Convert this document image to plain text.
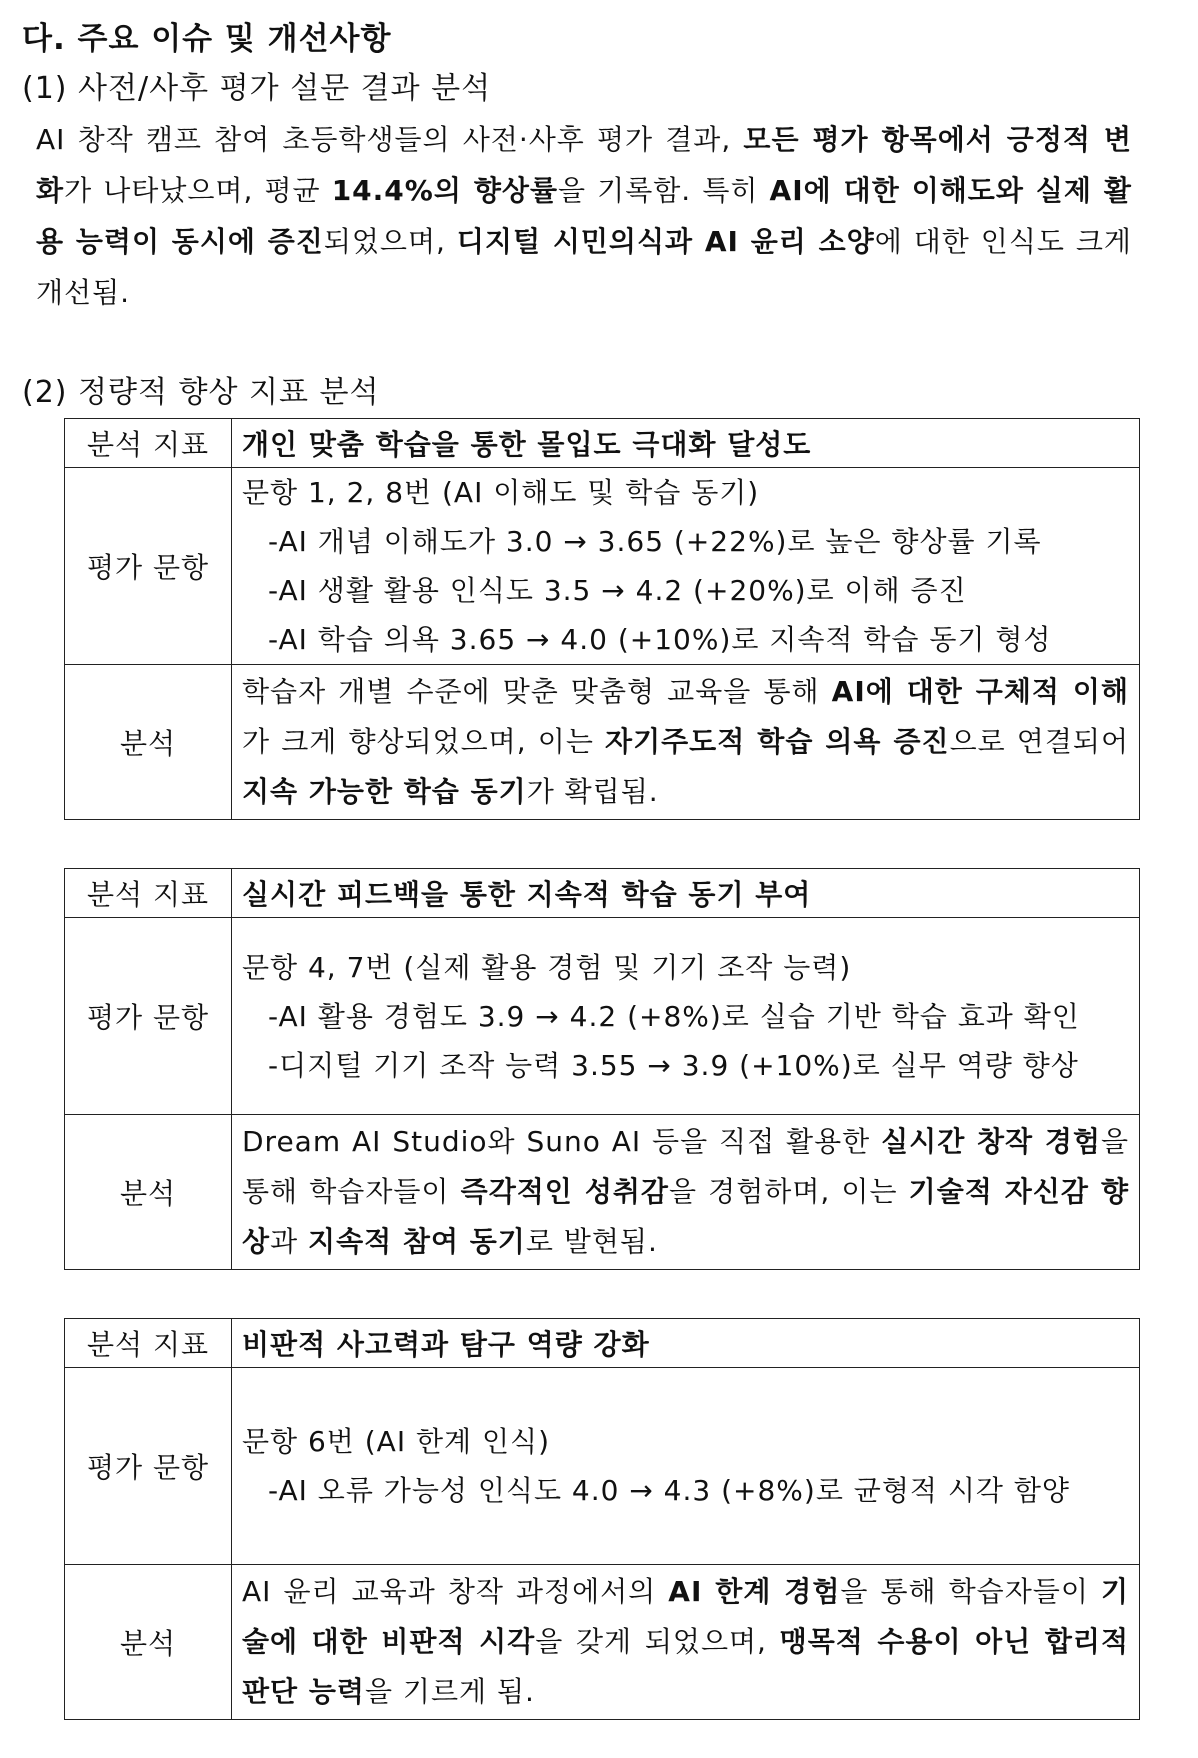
다. 주요 이슈 및 개선사항

(1) 사전/사후 평가 설문 결과 분석

AI 창작 캠프 참여 초등학생들의 사전·사후 평가 결과, 모든 평가 항목에서 긍정적 변화가 나타났으며, 평균 14.4%의 향상률을 기록함. 특히 AI에 대한 이해도와 실제 활용 능력이 동시에 증진되었으며, 디지털 시민의식과 AI 윤리 소양에 대한 인식도 크게 개선됨.

(2) 정량적 향상 지표 분석

분석 지표	개인 맞춤 학습을 통한 몰입도 극대화 달성도
평가 문항	문항 1, 2, 8번 (AI 이해도 및 학습 동기)
-AI 개념 이해도가 3.0 → 3.65 (+22%)로 높은 향상률 기록
-AI 생활 활용 인식도 3.5 → 4.2 (+20%)로 이해 증진
-AI 학습 의욕 3.65 → 4.0 (+10%)로 지속적 학습 동기 형성

분석	학습자 개별 수준에 맞춘 맞춤형 교육을 통해 AI에 대한 구체적 이해가 크게 향상되었으며, 이는 자기주도적 학습 의욕 증진으로 연결되어 지속 가능한 학습 동기가 확립됨.
분석 지표	실시간 피드백을 통한 지속적 학습 동기 부여
평가 문항	문항 4, 7번 (실제 활용 경험 및 기기 조작 능력)
-AI 활용 경험도 3.9 → 4.2 (+8%)로 실습 기반 학습 효과 확인
-디지털 기기 조작 능력 3.55 → 3.9 (+10%)로 실무 역량 향상

분석	Dream AI Studio와 Suno AI 등을 직접 활용한 실시간 창작 경험을 통해 학습자들이 즉각적인 성취감을 경험하며, 이는 기술적 자신감 향상과 지속적 참여 동기로 발현됨.
분석 지표	비판적 사고력과 탐구 역량 강화
평가 문항	문항 6번 (AI 한계 인식)
-AI 오류 가능성 인식도 4.0 → 4.3 (+8%)로 균형적 시각 함양

분석	AI 윤리 교육과 창작 과정에서의 AI 한계 경험을 통해 학습자들이 기술에 대한 비판적 시각을 갖게 되었으며, 맹목적 수용이 아닌 합리적 판단 능력을 기르게 됨.
